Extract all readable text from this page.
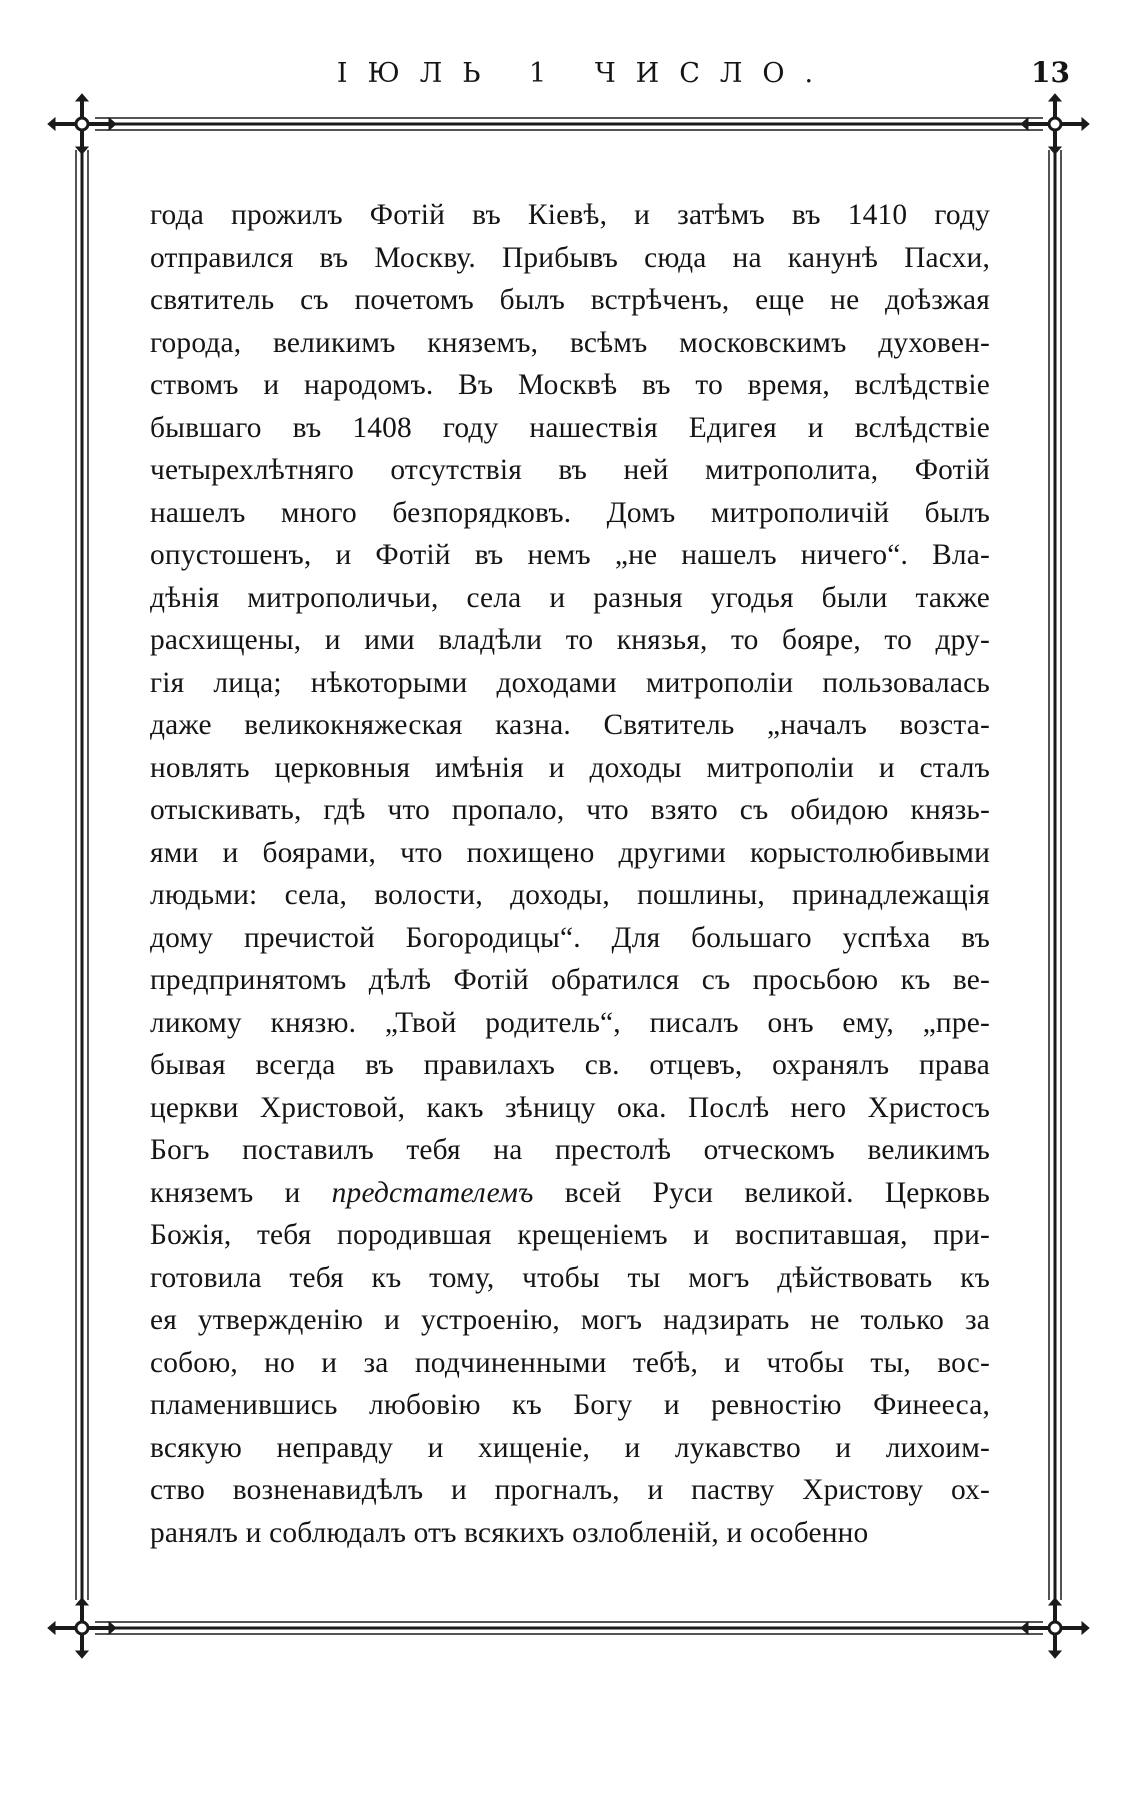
ІЮЛЬ 1 ЧИСЛО.	13
года прожилъ Фотій въ Кіевѣ, и затѣмъ въ 1410 году
отправился въ Москву. Прибывъ сюда на канунѣ Пасхи,
святитель съ почетомъ былъ встрѣченъ, еще не доѣзжая
города, великимъ княземъ, всѣмъ московскимъ духовен-
ствомъ и народомъ. Въ Москвѣ въ то время, вслѣдствіе
бывшаго въ 1408 году нашествія Едигея и вслѣдствіе
четырехлѣтняго отсутствія въ ней митрополита, Фотій
нашелъ много безпорядковъ. Домъ митрополичій былъ
опустошенъ, и Фотій въ немъ „не нашелъ ничего“. Вла-
дѣнія митрополичьи, села и разныя угодья были также
расхищены, и ими владѣли то князья, то бояре, то дру-
гія лица; нѣкоторыми доходами митрополіи пользовалась
даже великокняжеская казна. Святитель „началъ возста-
новлять церковныя имѣнія и доходы митрополіи и сталъ
отыскивать, гдѣ что пропало, что взято съ обидою князь-
ями и боярами, что похищено другими корыстолюбивыми
людьми: села, волости, доходы, пошлины, принадлежащія
дому пречистой Богородицы“. Для большаго успѣха въ
предпринятомъ дѣлѣ Фотій обратился съ просьбою къ ве-
ликому князю. „Твой родитель“, писалъ онъ ему, „пре-
бывая всегда въ правилахъ св. отцевъ, охранялъ права
церкви Христовой, какъ зѣницу ока. Послѣ него Христосъ
Богъ поставилъ тебя на престолѣ отческомъ великимъ
княземъ и предстателемъ всей Руси великой. Церковь
Божія, тебя породившая крещеніемъ и воспитавшая, при-
готовила тебя къ тому, чтобы ты могъ дѣйствовать къ
ея утвержденію и устроенію, могъ надзирать не только за
собою, но и за подчиненными тебѣ, и чтобы ты, вос-
пламенившись любовію къ Богу и ревностію Финееса,
всякую неправду и хищеніе, и лукавство и лихоим-
ство возненавидѣлъ и прогналъ, и паству Христову ох-
ранялъ и соблюдалъ отъ всякихъ озлобленій, и особенно
